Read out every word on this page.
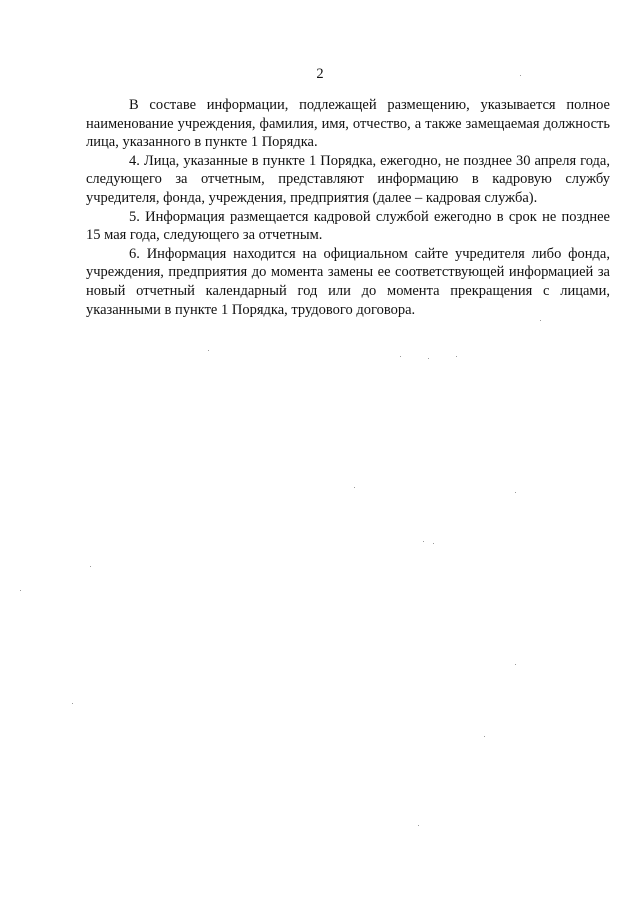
2

В составе информации, подлежащей размещению, указывается полное наименование учреждения, фамилия, имя, отчество, а также замещаемая должность лица, указанного в пункте 1 Порядка.

4. Лица, указанные в пункте 1 Порядка, ежегодно, не позднее 30 апреля года, следующего за отчетным, представляют информацию в кадровую службу учредителя, фонда, учреждения, предприятия (далее – кадровая служба).

5. Информация размещается кадровой службой ежегодно в срок не позднее 15 мая года, следующего за отчетным.

6. Информация находится на официальном сайте учредителя либо фонда, учреждения, предприятия до момента замены ее соответствующей информацией за новый отчетный календарный год или до момента прекращения с лицами, указанными в пункте 1 Порядка, трудового договора.
